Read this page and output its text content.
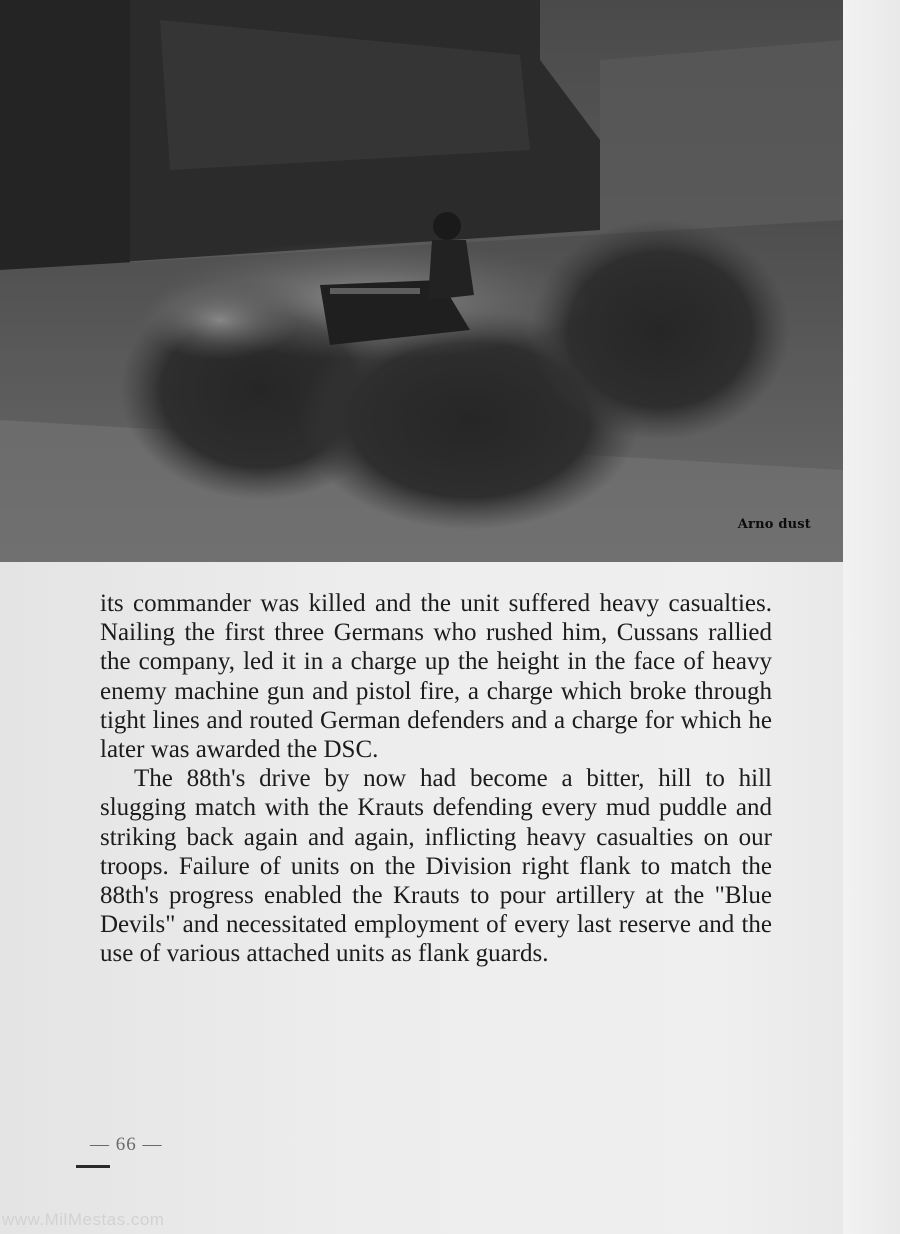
Arno dust

its commander was killed and the unit suffered heavy casualties. Nailing the first three Germans who rushed him, Cussans rallied the company, led it in a charge up the height in the face of heavy enemy machine gun and pistol fire, a charge which broke through tight lines and routed German defenders and a charge for which he later was awarded the DSC.

The 88th's drive by now had become a bitter, hill to hill slugging match with the Krauts defending every mud puddle and striking back again and again, inflicting heavy casualties on our troops. Failure of units on the Division right flank to match the 88th's progress enabled the Krauts to pour artillery at the "Blue Devils" and necessitated employment of every last reserve and the use of various attached units as flank guards.

— 66 —
www.MilMestas.com
